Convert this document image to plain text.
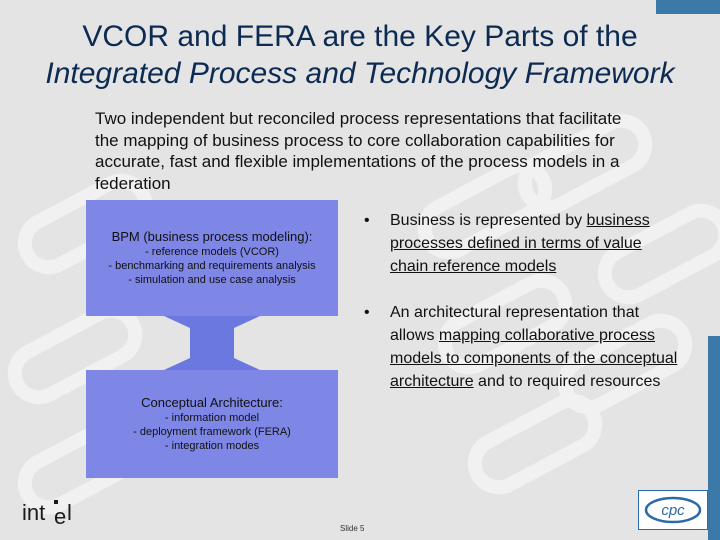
VCOR and FERA are the Key Parts of the
Integrated Process and Technology Framework
Two independent but reconciled process representations that facilitate the mapping of business process to core collaboration capabilities for accurate, fast and flexible implementations of the process models in a federation
BPM (business process modeling):
- reference models (VCOR)
- benchmarking and requirements analysis
- simulation and use case analysis
Conceptual Architecture:
- information model
- deployment framework (FERA)
- integration modes
• Business is represented by business processes defined in terms of value chain reference models
• An architectural representation that allows mapping collaborative process models to components of the conceptual architecture and to required resources
int e l
Slide 5
cpc
